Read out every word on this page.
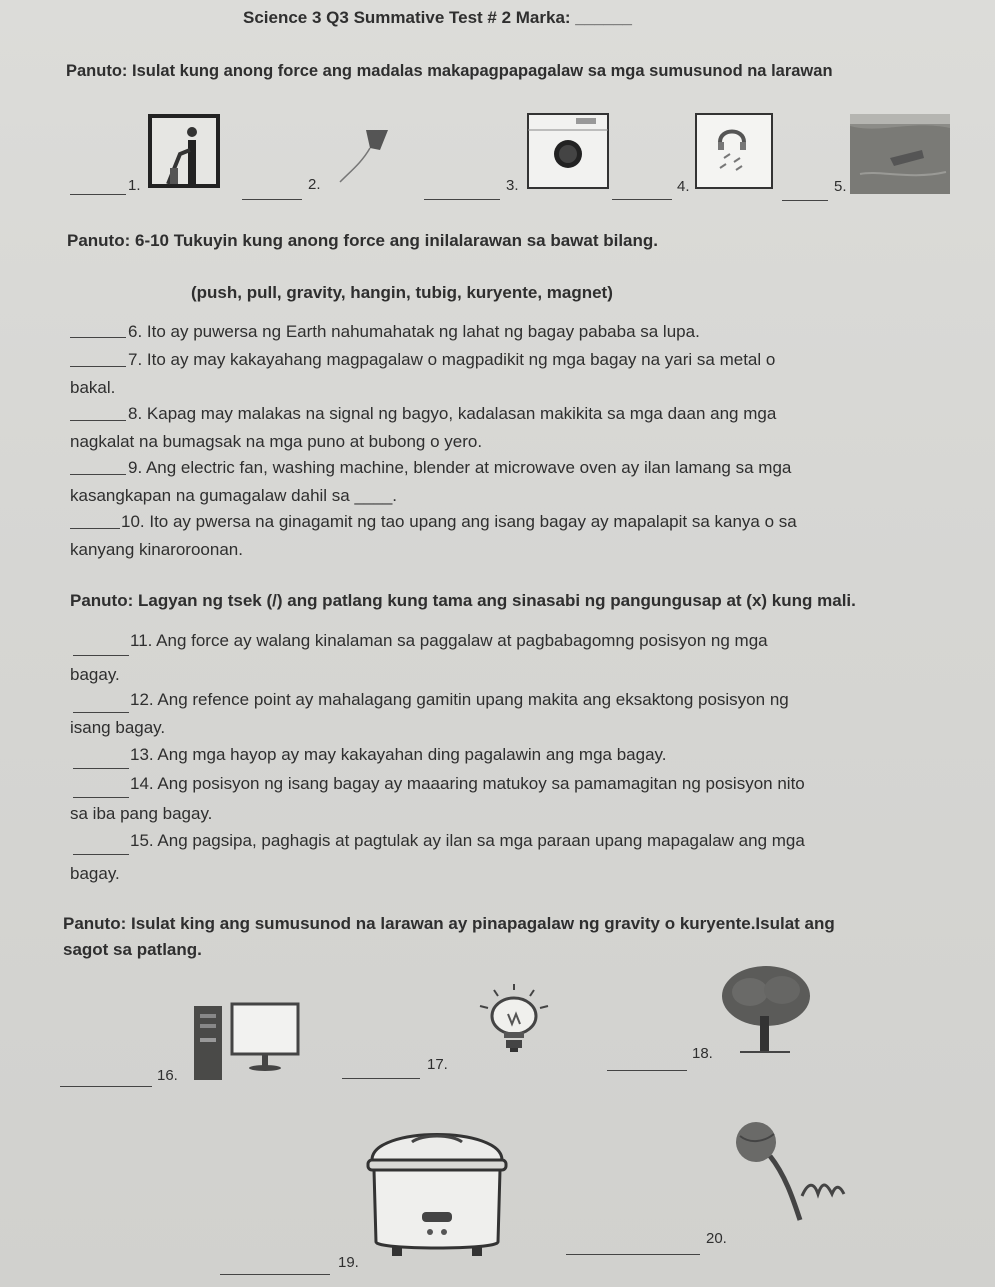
Science 3 Q3 Summative Test # 2 Marka: ______
Panuto: Isulat kung anong force ang madalas makapagpapagalaw sa mga sumusunod na larawan
1.	2.	3.	4.	5.
Panuto: 6-10 Tukuyin kung anong force ang inilalarawan sa bawat bilang.
(push, pull, gravity, hangin, tubig, kuryente, magnet)
6. Ito ay puwersa ng Earth nahumahatak ng lahat ng bagay pababa sa lupa.
7. Ito ay may kakayahang magpagalaw o magpadikit ng mga bagay na yari sa metal o
bakal.
8. Kapag may malakas na signal ng bagyo, kadalasan makikita sa mga daan ang mga
nagkalat na bumagsak na mga puno at bubong o yero.
9. Ang electric fan, washing machine, blender at microwave oven ay ilan lamang sa mga
kasangkapan na gumagalaw dahil sa ____.
10. Ito ay pwersa na ginagamit ng tao upang ang isang bagay ay mapalapit sa kanya o sa
kanyang kinaroroonan.
Panuto: Lagyan ng tsek (/) ang patlang kung tama ang sinasabi ng pangungusap at (x) kung mali.
11. Ang force ay walang kinalaman sa paggalaw at pagbabagomng posisyon ng mga
bagay.
12. Ang refence point ay mahalagang gamitin upang makita ang eksaktong posisyon ng
isang bagay.
13. Ang mga hayop ay may kakayahan ding pagalawin ang mga bagay.
14. Ang posisyon ng isang bagay ay maaaring matukoy sa pamamagitan ng posisyon nito
sa iba pang bagay.
15. Ang pagsipa, paghagis at pagtulak ay ilan sa mga paraan upang mapagalaw ang mga
bagay.
Panuto: Isulat king ang sumusunod na larawan ay pinapagalaw ng gravity o kuryente.Isulat ang
sagot sa patlang.
16.
17.
18.
19.
20.
